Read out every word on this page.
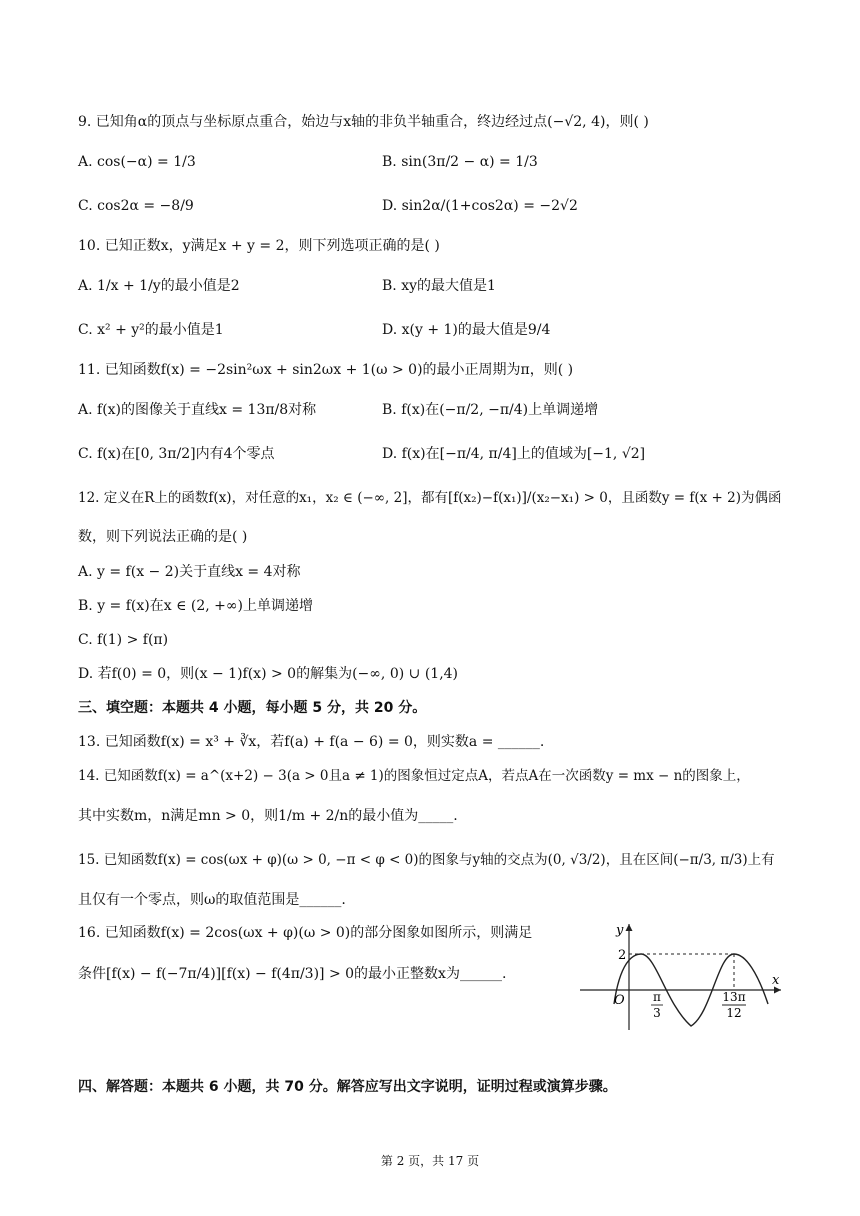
9. 已知角α的顶点与坐标原点重合，始边与x轴的非负半轴重合，终边经过点(−√2, 4)，则( )
A. cos(−α) = 1/3	B. sin(3π/2 − α) = 1/3
C. cos2α = −8/9	D. sin2α/(1+cos2α) = −2√2
10. 已知正数x，y满足x + y = 2，则下列选项正确的是( )
A. 1/x + 1/y的最小值是2	B. xy的最大值是1
C. x² + y²的最小值是1	D. x(y + 1)的最大值是9/4
11. 已知函数f(x) = −2sin²ωx + sin2ωx + 1(ω > 0)的最小正周期为π，则( )
A. f(x)的图像关于直线x = 13π/8对称	B. f(x)在(−π/2, −π/4)上单调递增
C. f(x)在[0, 3π/2]内有4个零点	D. f(x)在[−π/4, π/4]上的值域为[−1, √2]
12. 定义在R上的函数f(x)，对任意的x₁，x₂ ∈ (−∞, 2]，都有[f(x₂)−f(x₁)]/(x₂−x₁) > 0，且函数y = f(x + 2)为偶函
数，则下列说法正确的是( )
A. y = f(x − 2)关于直线x = 4对称
B. y = f(x)在x ∈ (2, +∞)上单调递增
C. f(1) > f(π)
D. 若f(0) = 0，则(x − 1)f(x) > 0的解集为(−∞, 0) ∪ (1,4)
三、填空题：本题共 4 小题，每小题 5 分，共 20 分。
13. 已知函数f(x) = x³ + ∛x，若f(a) + f(a − 6) = 0，则实数a = ______.
14. 已知函数f(x) = a^(x+2) − 3(a > 0且a ≠ 1)的图象恒过定点A，若点A在一次函数y = mx − n的图象上，
其中实数m，n满足mn > 0，则1/m + 2/n的最小值为_____.
15. 已知函数f(x) = cos(ωx + φ)(ω > 0, −π < φ < 0)的图象与y轴的交点为(0, √3/2)，且在区间(−π/3, π/3)上有
且仅有一个零点，则ω的取值范围是______.
16. 已知函数f(x) = 2cos(ωx + φ)(ω > 0)的部分图象如图所示，则满足
条件[f(x) − f(−7π/4)][f(x) − f(4π/3)] > 0的最小正整数x为______.
y
x
2
O π
3
13π
12
四、解答题：本题共 6 小题，共 70 分。解答应写出文字说明，证明过程或演算步骤。
第 2 页，共 17 页
